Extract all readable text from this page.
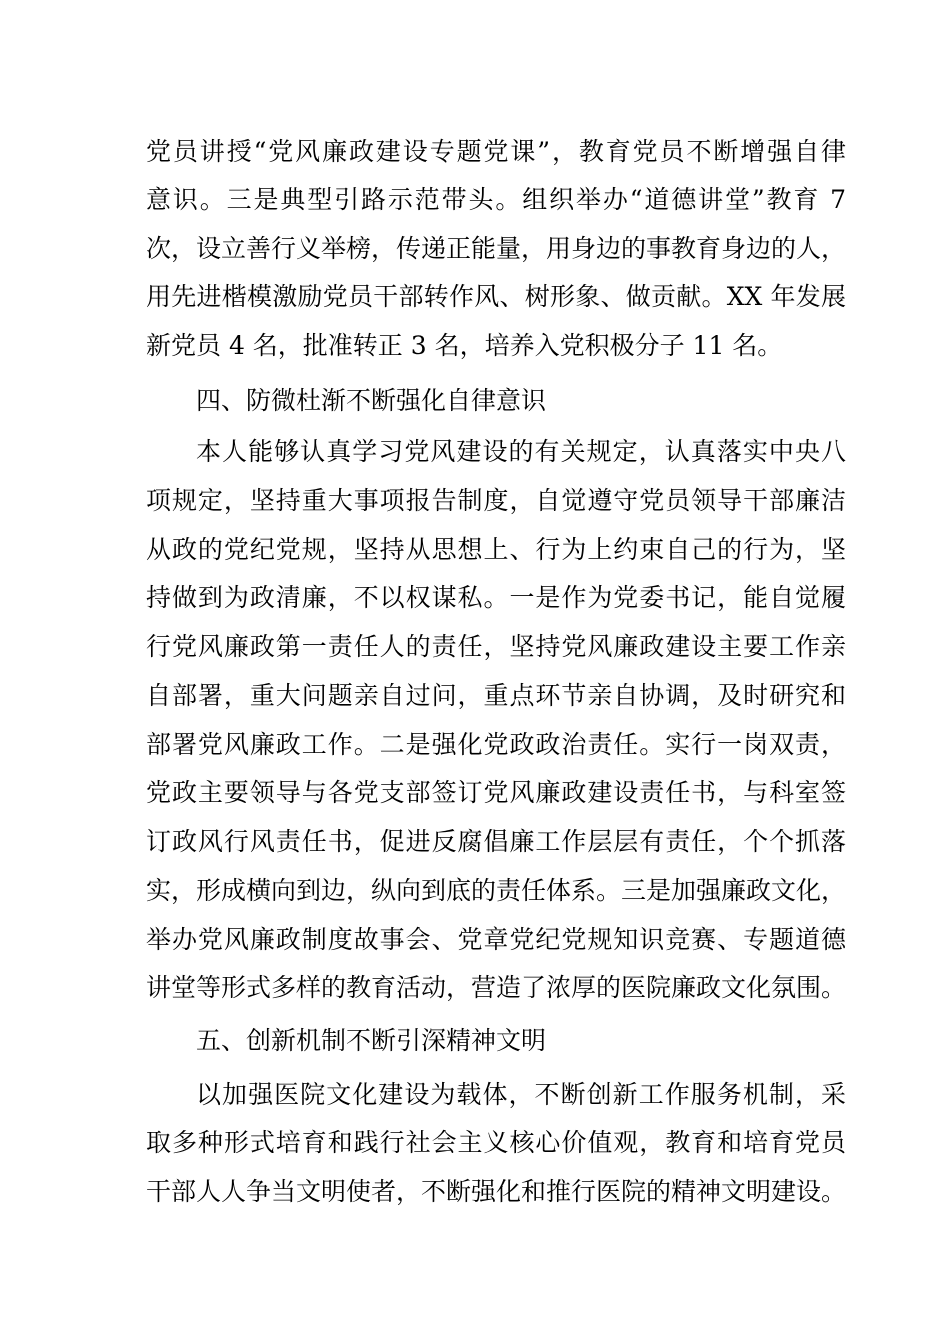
党员讲授“党风廉政建设专题党课”，教育党员不断增强自律
意识。三是典型引路示范带头。组织举办“道德讲堂”教育 7
次，设立善行义举榜，传递正能量，用身边的事教育身边的人，
用先进楷模激励党员干部转作风、树形象、做贡献。XX 年发展
新党员 4 名，批准转正 3 名，培养入党积极分子 11 名。
四、防微杜渐不断强化自律意识
本人能够认真学习党风建设的有关规定，认真落实中央八
项规定，坚持重大事项报告制度，自觉遵守党员领导干部廉洁
从政的党纪党规，坚持从思想上、行为上约束自己的行为，坚
持做到为政清廉，不以权谋私。一是作为党委书记，能自觉履
行党风廉政第一责任人的责任，坚持党风廉政建设主要工作亲
自部署，重大问题亲自过问，重点环节亲自协调，及时研究和
部署党风廉政工作。二是强化党政政治责任。实行一岗双责，
党政主要领导与各党支部签订党风廉政建设责任书，与科室签
订政风行风责任书，促进反腐倡廉工作层层有责任，个个抓落
实，形成横向到边，纵向到底的责任体系。三是加强廉政文化，
举办党风廉政制度故事会、党章党纪党规知识竞赛、专题道德
讲堂等形式多样的教育活动，营造了浓厚的医院廉政文化氛围。
五、创新机制不断引深精神文明
以加强医院文化建设为载体，不断创新工作服务机制，采
取多种形式培育和践行社会主义核心价值观，教育和培育党员
干部人人争当文明使者，不断强化和推行医院的精神文明建设。
